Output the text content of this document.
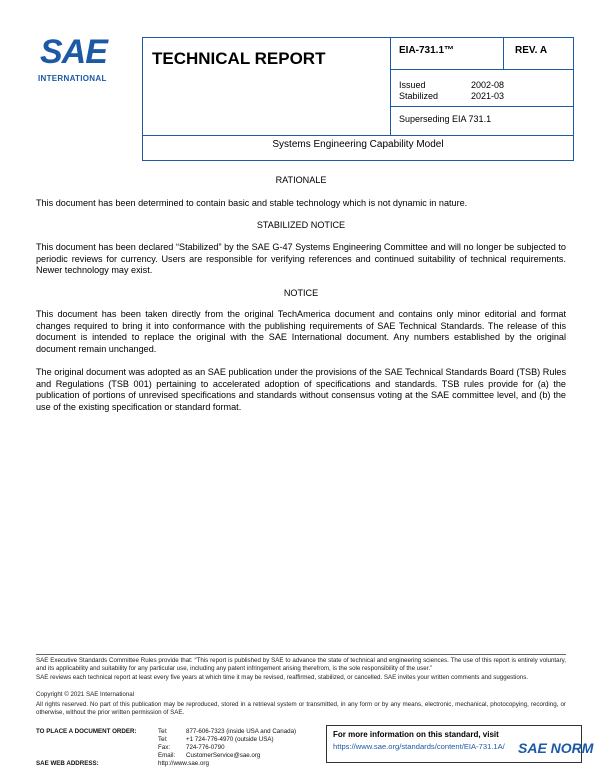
SAE
INTERNATIONAL
TECHNICAL REPORT	EIA-731.1™	REV. A
Issued	2002-08
Stabilized	2021-03
Superseding EIA 731.1
Systems Engineering Capability Model
RATIONALE
This document has been determined to contain basic and stable technology which is not dynamic in nature.
STABILIZED NOTICE
This document has been declared “Stabilized” by the SAE G-47 Systems Engineering Committee and will no longer be subjected to periodic reviews for currency. Users are responsible for verifying references and continued suitability of technical requirements. Newer technology may exist.
NOTICE
This document has been taken directly from the original TechAmerica document and contains only minor editorial and format changes required to bring it into conformance with the publishing requirements of SAE Technical Standards. The release of this document is intended to replace the original with the SAE International document. Any numbers established by the original document remain unchanged.
The original document was adopted as an SAE publication under the provisions of the SAE Technical Standards Board (TSB) Rules and Regulations (TSB 001) pertaining to accelerated adoption of specifications and standards. TSB rules provide for (a) the publication of portions of unrevised specifications and standards without consensus voting at the SAE committee level, and (b) the use of the existing specification or standard format.
SAE Executive Standards Committee Rules provide that: “This report is published by SAE to advance the state of technical and engineering sciences. The use of this report is entirely voluntary, and its applicability and suitability for any particular use, including any patent infringement arising therefrom, is the sole responsibility of the user.”
SAE reviews each technical report at least every five years at which time it may be revised, reaffirmed, stabilized, or cancelled. SAE invites your written comments and suggestions.
Copyright © 2021 SAE International
All rights reserved. No part of this publication may be reproduced, stored in a retrieval system or transmitted, in any form or by any means, electronic, mechanical, photocopying, recording, or otherwise, without the prior written permission of SAE.
TO PLACE A DOCUMENT ORDER:	Tel:	877-606-7323 (inside USA and Canada)
Tel:	+1 724-776-4970 (outside USA)
Fax:	724-776-0790
Email: CustomerService@sae.org
SAE WEB ADDRESS:	http://www.sae.org
For more information on this standard, visit
https://www.sae.org/standards/content/EIA-731.1A/ SAE NORM
